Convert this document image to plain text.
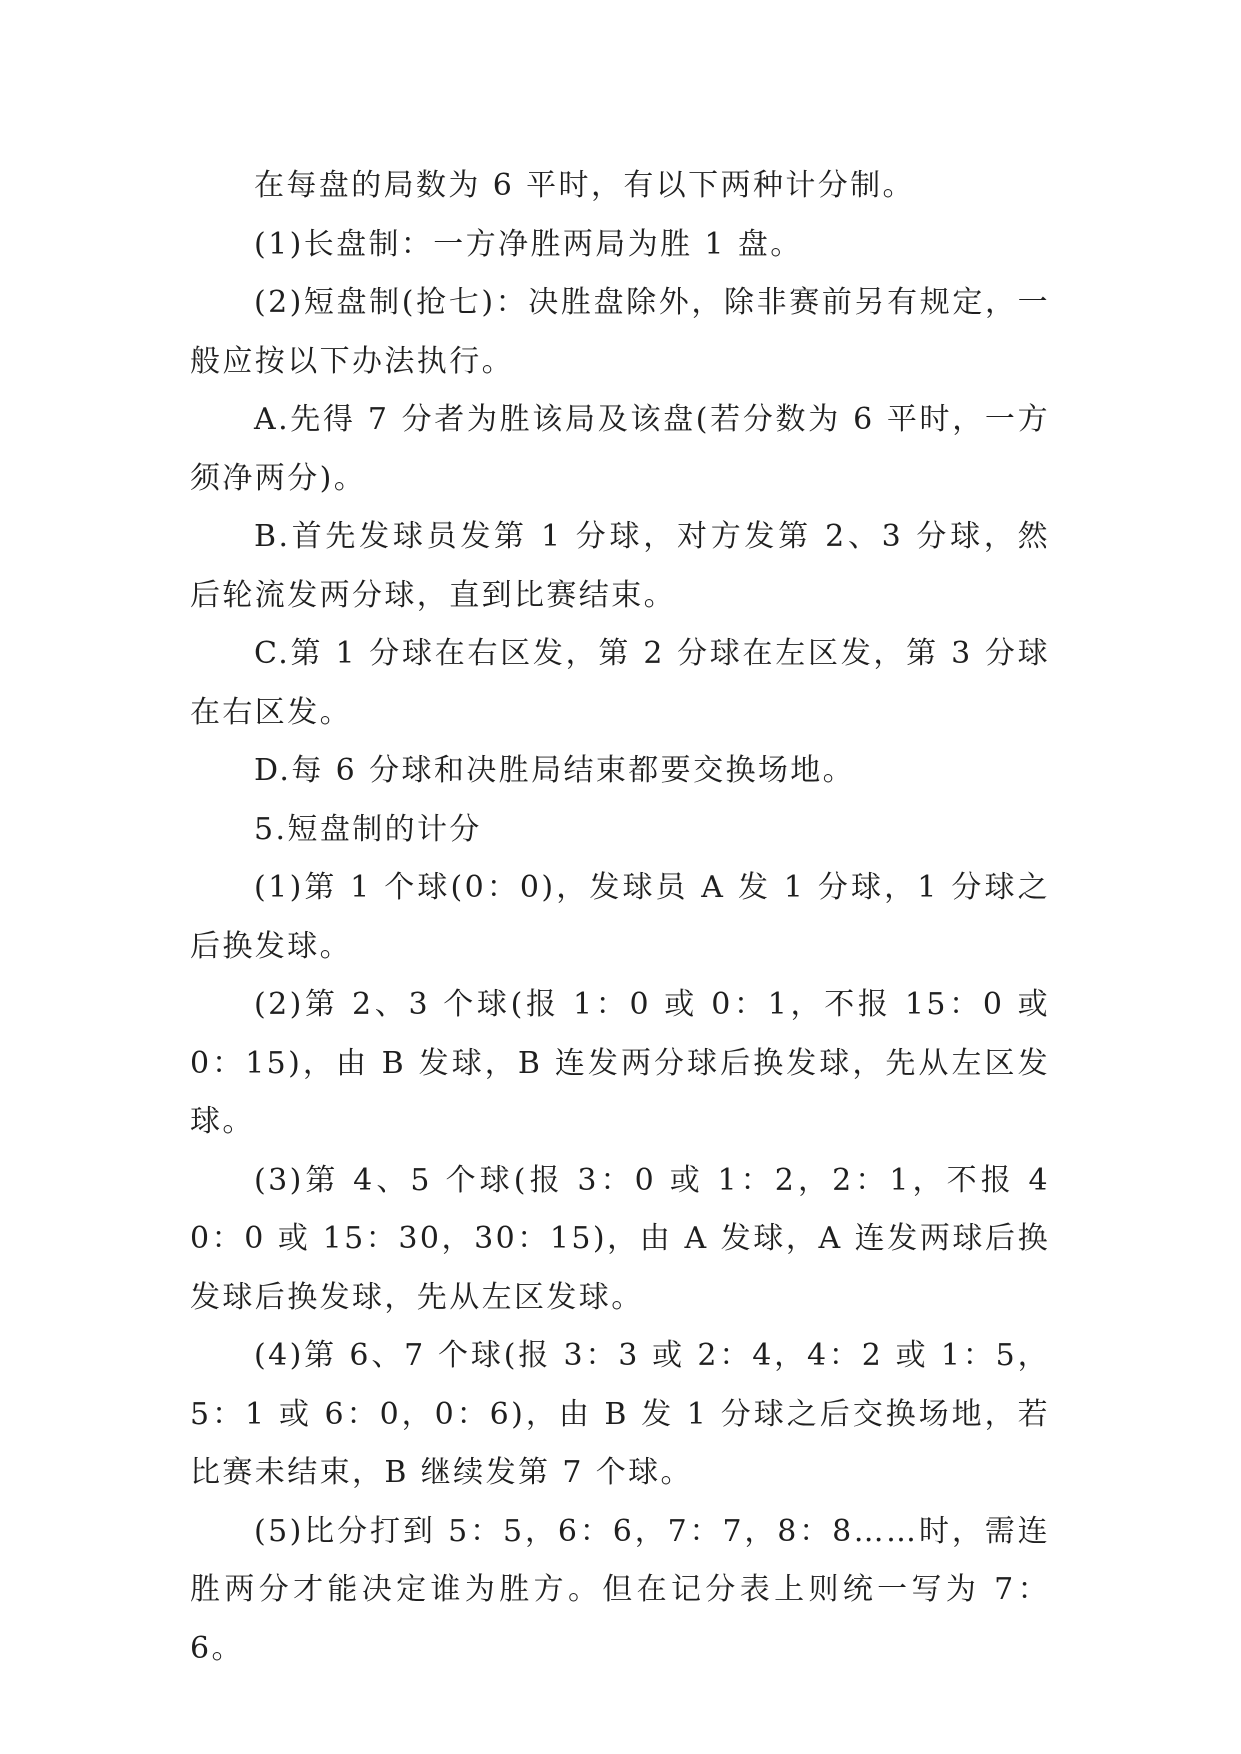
在每盘的局数为 6 平时，有以下两种计分制。

(1)长盘制：一方净胜两局为胜 1 盘。

(2)短盘制(抢七)：决胜盘除外，除非赛前另有规定，一般应按以下办法执行。

A.先得 7 分者为胜该局及该盘(若分数为 6 平时，一方须净两分)。

B.首先发球员发第 1 分球，对方发第 2、3 分球，然后轮流发两分球，直到比赛结束。

C.第 1 分球在右区发，第 2 分球在左区发，第 3 分球在右区发。

D.每 6 分球和决胜局结束都要交换场地。

5.短盘制的计分

(1)第 1 个球(0：0)，发球员 A 发 1 分球，1 分球之后换发球。

(2)第 2、3 个球(报 1：0 或 0：1，不报 15：0 或 0：15)，由 B 发球，B 连发两分球后换发球，先从左区发球。

(3)第 4、5 个球(报 3：0 或 1：2，2：1，不报 40：0 或 15：30，30：15)，由 A 发球，A 连发两球后换发球后换发球，先从左区发球。

(4)第 6、7 个球(报 3：3 或 2：4，4：2 或 1：5，5：1 或 6：0，0：6)，由 B 发 1 分球之后交换场地，若比赛未结束，B 继续发第 7 个球。

(5)比分打到 5：5，6：6，7：7，8：8……时，需连胜两分才能决定谁为胜方。但在记分表上则统一写为 7：6。
